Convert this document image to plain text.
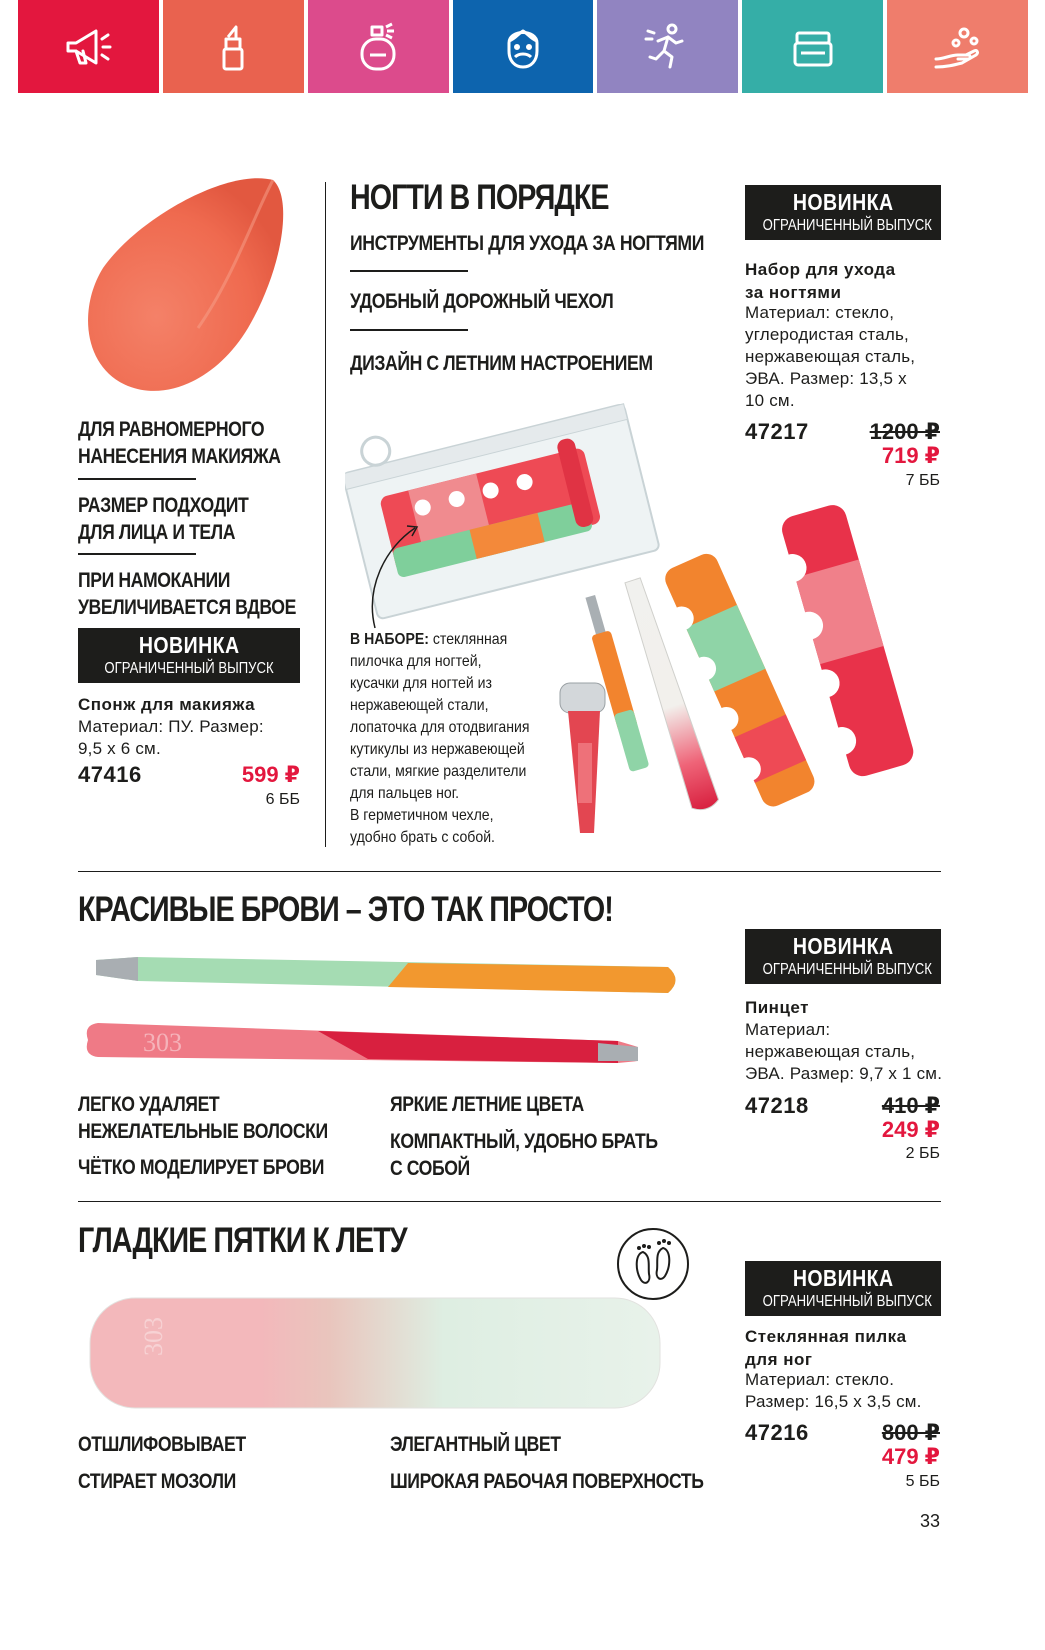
ДЛЯ РАВНОМЕРНОГО
НАНЕСЕНИЯ МАКИЯЖА
РАЗМЕР ПОДХОДИТ
ДЛЯ ЛИЦА И ТЕЛА
ПРИ НАМОКАНИИ
УВЕЛИЧИВАЕТСЯ ВДВОЕ
НОВИНКА
ОГРАНИЧЕННЫЙ ВЫПУСК
Спонж для макияжа
Материал: ПУ. Размер:
9,5 х 6 см.
47416	599 ₽
6 ББ
НОГТИ В ПОРЯДКЕ
ИНСТРУМЕНТЫ ДЛЯ УХОДА ЗА НОГТЯМИ
УДОБНЫЙ ДОРОЖНЫЙ ЧЕХОЛ
ДИЗАЙН С ЛЕТНИМ НАСТРОЕНИЕМ
В НАБОРЕ: стеклянная
пилочка для ногтей,
кусачки для ногтей из
нержавеющей стали,
лопаточка для отодвигания
кутикулы из нержавеющей
стали, мягкие разделители
для пальцев ног.
В герметичном чехле,
удобно брать с собой.
НОВИНКА
ОГРАНИЧЕННЫЙ ВЫПУСК
Набор для ухода
за ногтями
Материал: стекло,
углеродистая сталь,
нержавеющая сталь,
ЭВА. Размер: 13,5 х
10 см.
47217	1200 ₽
719 ₽
7 ББ
КРАСИВЫЕ БРОВИ – ЭТО ТАК ПРОСТО!
303
ЛЕГКО УДАЛЯЕТ
НЕЖЕЛАТЕЛЬНЫЕ ВОЛОСКИ
ЧЁТКО МОДЕЛИРУЕТ БРОВИ
ЯРКИЕ ЛЕТНИЕ ЦВЕТА
КОМПАКТНЫЙ, УДОБНО БРАТЬ
С СОБОЙ
НОВИНКА
ОГРАНИЧЕННЫЙ ВЫПУСК
Пинцет
Материал:
нержавеющая сталь,
ЭВА. Размер: 9,7 х 1 см.
47218	410 ₽
249 ₽
2 ББ
ГЛАДКИЕ ПЯТКИ К ЛЕТУ
303
ОТШЛИФОВЫВАЕТ
СТИРАЕТ МОЗОЛИ
ЭЛЕГАНТНЫЙ ЦВЕТ
ШИРОКАЯ РАБОЧАЯ ПОВЕРХНОСТЬ
НОВИНКА
ОГРАНИЧЕННЫЙ ВЫПУСК
Стеклянная пилка
для ног
Материал: стекло.
Размер: 16,5 х 3,5 см.
47216	800 ₽
479 ₽
5 ББ
33
